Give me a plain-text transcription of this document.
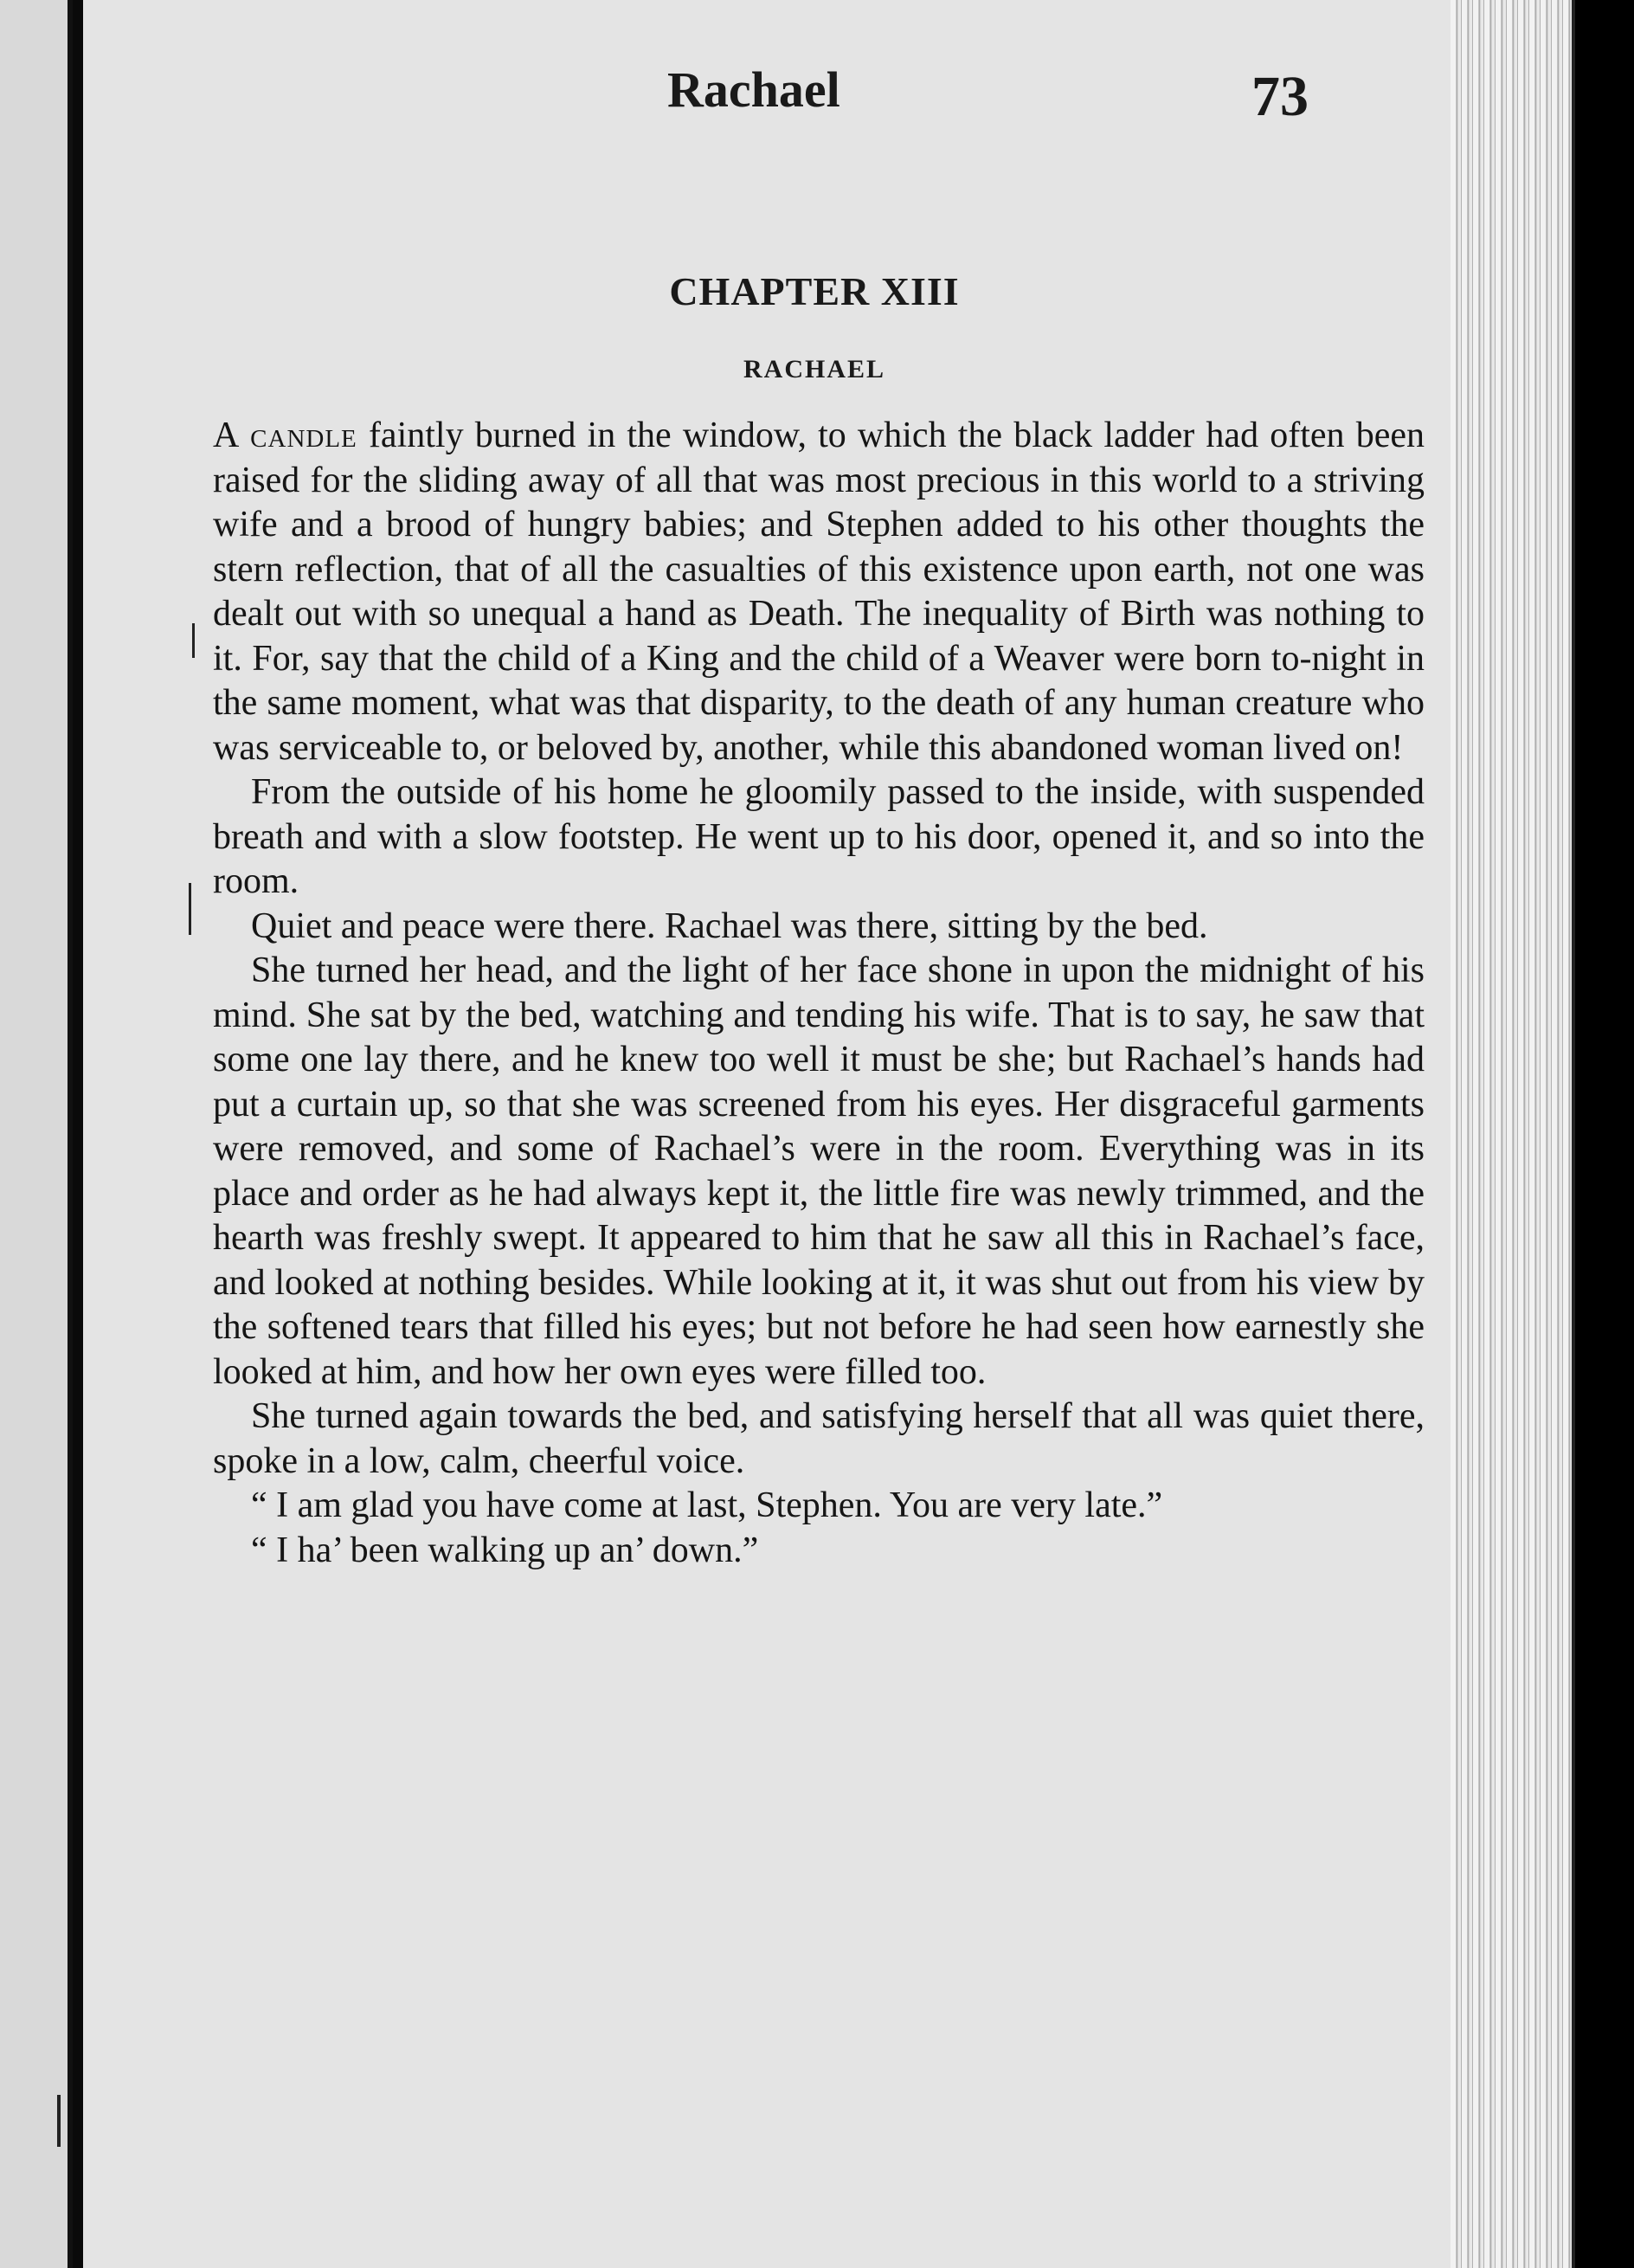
Rachael	73
CHAPTER XIII
RACHAEL

A candle faintly burned in the window, to which the black ladder had often been raised for the sliding away of all that was most precious in this world to a striving wife and a brood of hungry babies; and Stephen added to his other thoughts the stern reflection, that of all the casualties of this existence upon earth, not one was dealt out with so unequal a hand as Death. The inequality of Birth was nothing to it. For, say that the child of a King and the child of a Weaver were born to-night in the same moment, what was that disparity, to the death of any human creature who was serviceable to, or beloved by, another, while this abandoned woman lived on!

From the outside of his home he gloomily passed to the inside, with suspended breath and with a slow footstep. He went up to his door, opened it, and so into the room.

Quiet and peace were there. Rachael was there, sitting by the bed.

She turned her head, and the light of her face shone in upon the midnight of his mind. She sat by the bed, watching and tending his wife. That is to say, he saw that some one lay there, and he knew too well it must be she; but Rachael’s hands had put a curtain up, so that she was screened from his eyes. Her disgraceful garments were removed, and some of Rachael’s were in the room. Everything was in its place and order as he had always kept it, the little fire was newly trimmed, and the hearth was freshly swept. It appeared to him that he saw all this in Rachael’s face, and looked at nothing besides. While looking at it, it was shut out from his view by the softened tears that filled his eyes; but not before he had seen how earnestly she looked at him, and how her own eyes were filled too.

She turned again towards the bed, and satisfying herself that all was quiet there, spoke in a low, calm, cheerful voice.

“ I am glad you have come at last, Stephen. You are very late.”

“ I ha’ been walking up an’ down.”
